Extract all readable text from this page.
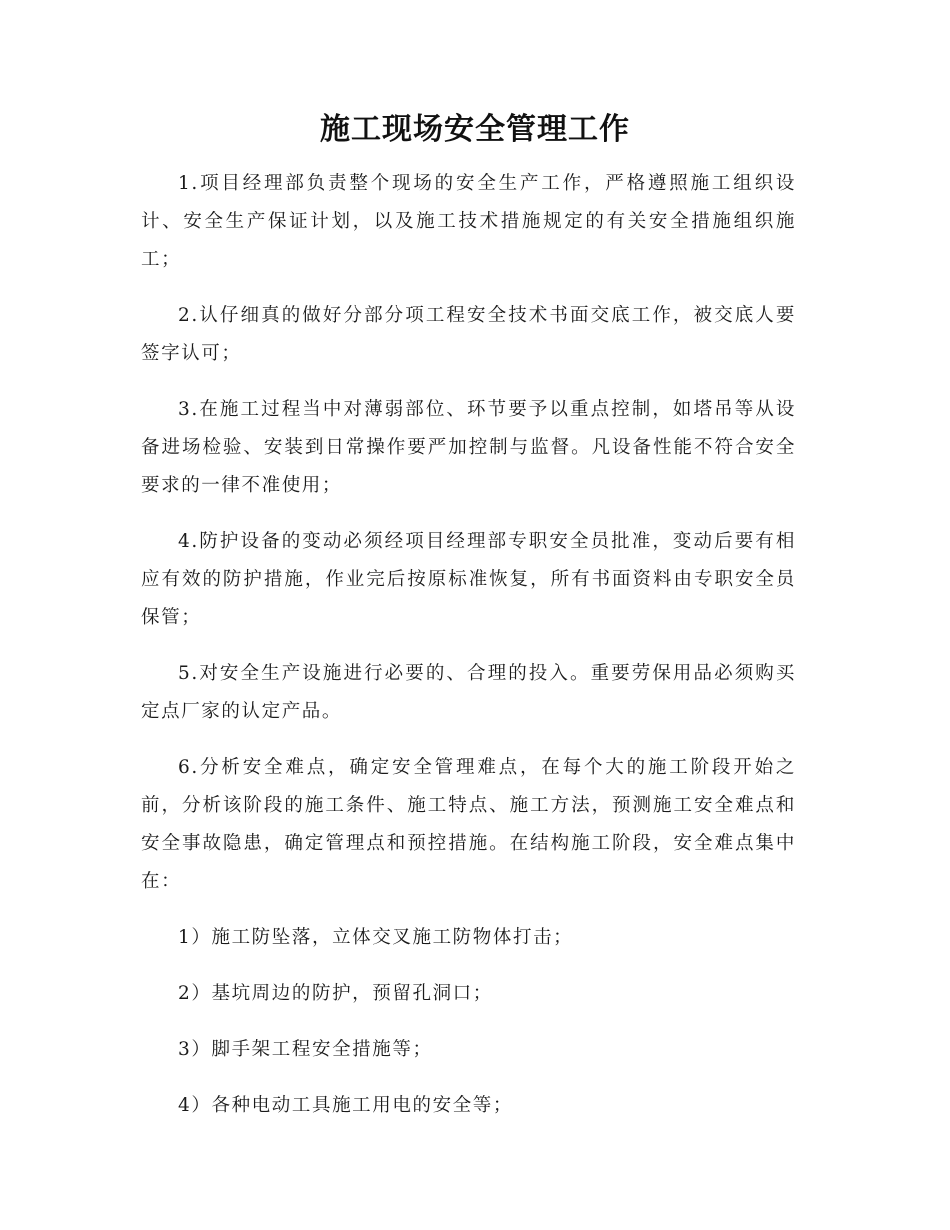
施工现场安全管理工作

1.项目经理部负责整个现场的安全生产工作，严格遵照施工组织设计、安全生产保证计划，以及施工技术措施规定的有关安全措施组织施工；

2.认仔细真的做好分部分项工程安全技术书面交底工作，被交底人要签字认可；

3.在施工过程当中对薄弱部位、环节要予以重点控制，如塔吊等从设备进场检验、安装到日常操作要严加控制与监督。凡设备性能不符合安全要求的一律不准使用；

4.防护设备的变动必须经项目经理部专职安全员批准，变动后要有相应有效的防护措施，作业完后按原标准恢复，所有书面资料由专职安全员保管；

5.对安全生产设施进行必要的、合理的投入。重要劳保用品必须购买定点厂家的认定产品。

6.分析安全难点，确定安全管理难点，在每个大的施工阶段开始之前，分析该阶段的施工条件、施工特点、施工方法，预测施工安全难点和安全事故隐患，确定管理点和预控措施。在结构施工阶段，安全难点集中在：

1）施工防坠落，立体交叉施工防物体打击；

2）基坑周边的防护，预留孔洞口；

3）脚手架工程安全措施等；

4）各种电动工具施工用电的安全等；
